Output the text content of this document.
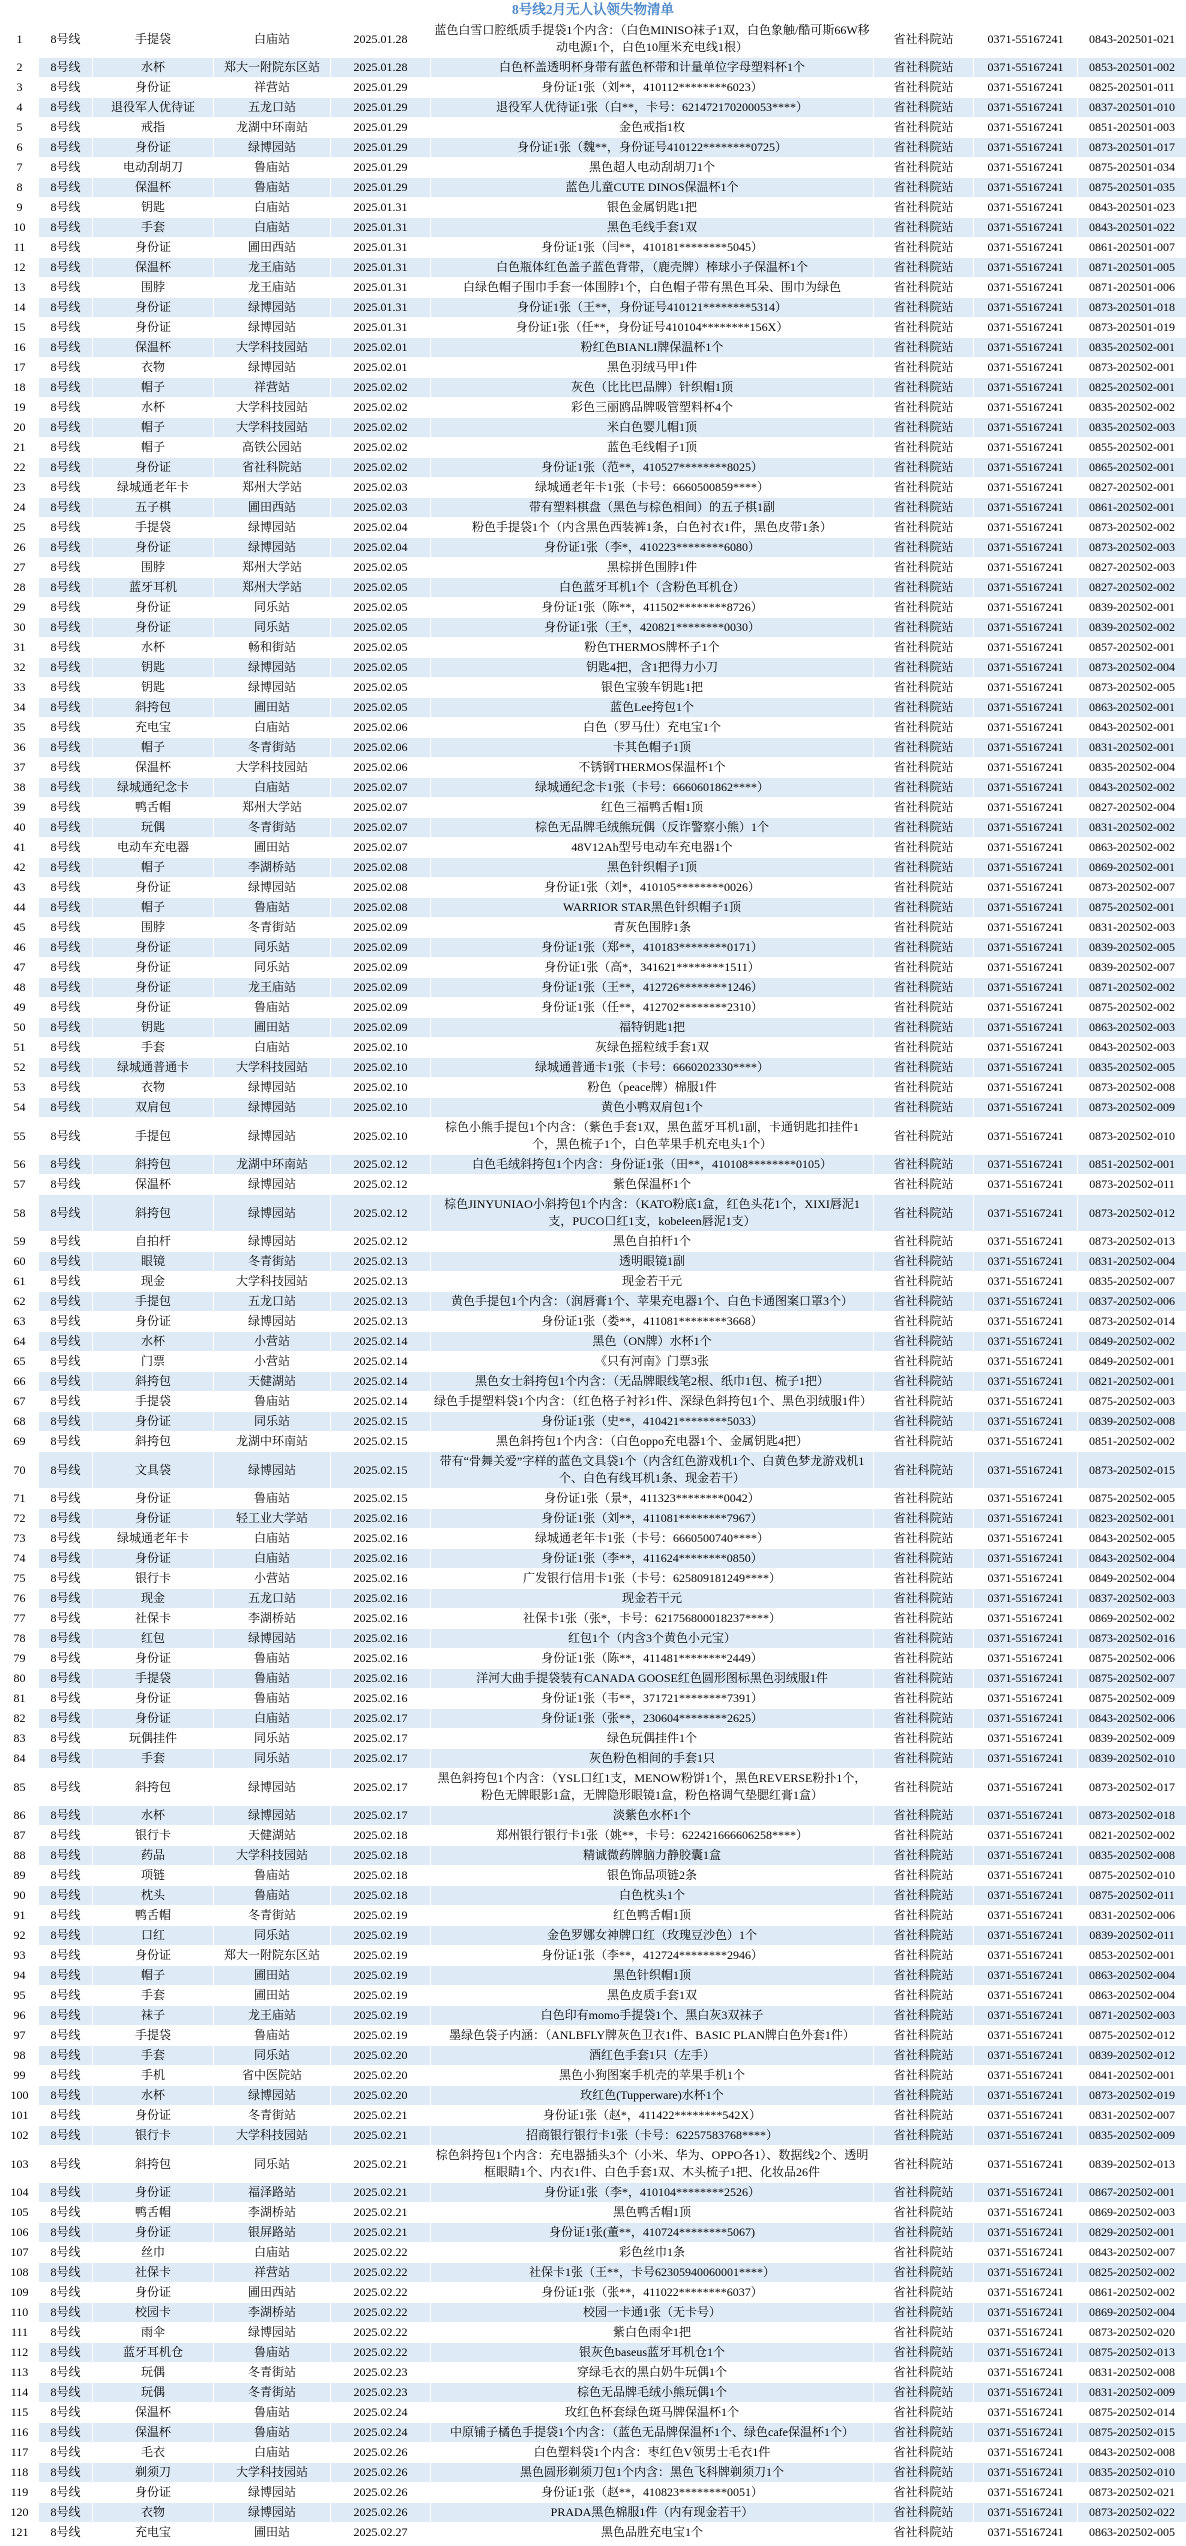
8号线2月无人认领失物清单
1	8号线	手提袋	白庙站	2025.01.28	蓝色白雪口腔纸质手提袋1个内含：（白色MINISO袜子1双，白色象触/酷可斯66W移动电源1个，白色10厘米充电线1根）	省社科院站	0371-55167241	0843-202501-021
2	8号线	水杯	郑大一附院东区站	2025.01.28	白色杯盖透明杯身带有蓝色杯带和计量单位字母塑料杯1个	省社科院站	0371-55167241	0853-202501-002
3	8号线	身份证	祥营站	2025.01.29	身份证1张（刘**，410112********6023）	省社科院站	0371-55167241	0825-202501-011
4	8号线	退役军人优待证	五龙口站	2025.01.29	退役军人优待证1张（白**，卡号：621472170200053****）	省社科院站	0371-55167241	0837-202501-010
5	8号线	戒指	龙湖中环南站	2025.01.29	金色戒指1枚	省社科院站	0371-55167241	0851-202501-003
6	8号线	身份证	绿博园站	2025.01.29	身份证1张（魏**，身份证号410122********0725）	省社科院站	0371-55167241	0873-202501-017
7	8号线	电动刮胡刀	鲁庙站	2025.01.29	黑色超人电动刮胡刀1个	省社科院站	0371-55167241	0875-202501-034
8	8号线	保温杯	鲁庙站	2025.01.29	蓝色儿童CUTE DINOS保温杯1个	省社科院站	0371-55167241	0875-202501-035
9	8号线	钥匙	白庙站	2025.01.31	银色金属钥匙1把	省社科院站	0371-55167241	0843-202501-023
10	8号线	手套	白庙站	2025.01.31	黑色毛线手套1双	省社科院站	0371-55167241	0843-202501-022
11	8号线	身份证	圃田西站	2025.01.31	身份证1张（闫**，410181********5045）	省社科院站	0371-55167241	0861-202501-007
12	8号线	保温杯	龙王庙站	2025.01.31	白色瓶体红色盖子蓝色背带，（鹿壳牌）棒球小子保温杯1个	省社科院站	0371-55167241	0871-202501-005
13	8号线	围脖	龙王庙站	2025.01.31	白绿色帽子围巾手套一体围脖1个，白色帽子带有黑色耳朵、围巾为绿色	省社科院站	0371-55167241	0871-202501-006
14	8号线	身份证	绿博园站	2025.01.31	身份证1张（王**，身份证号410121********5314）	省社科院站	0371-55167241	0873-202501-018
15	8号线	身份证	绿博园站	2025.01.31	身份证1张（任**，身份证号410104********156X）	省社科院站	0371-55167241	0873-202501-019
16	8号线	保温杯	大学科技园站	2025.02.01	粉红色BIANLI牌保温杯1个	省社科院站	0371-55167241	0835-202502-001
17	8号线	衣物	绿博园站	2025.02.01	黑色羽绒马甲1件	省社科院站	0371-55167241	0873-202502-001
18	8号线	帽子	祥营站	2025.02.02	灰色（比比巴品牌）针织帽1顶	省社科院站	0371-55167241	0825-202502-001
19	8号线	水杯	大学科技园站	2025.02.02	彩色三丽鸥品牌吸管塑料杯4个	省社科院站	0371-55167241	0835-202502-002
20	8号线	帽子	大学科技园站	2025.02.02	米白色婴儿帽1顶	省社科院站	0371-55167241	0835-202502-003
21	8号线	帽子	高铁公园站	2025.02.02	蓝色毛线帽子1顶	省社科院站	0371-55167241	0855-202502-001
22	8号线	身份证	省社科院站	2025.02.02	身份证1张（范**，410527********8025）	省社科院站	0371-55167241	0865-202502-001
23	8号线	绿城通老年卡	郑州大学站	2025.02.03	绿城通老年卡1张（卡号：6660500859****）	省社科院站	0371-55167241	0827-202502-001
24	8号线	五子棋	圃田西站	2025.02.03	带有塑料棋盘（黑色与棕色相间）的五子棋1副	省社科院站	0371-55167241	0861-202502-001
25	8号线	手提袋	绿博园站	2025.02.04	粉色手提袋1个（内含黑色西装裤1条，白色衬衣1件，黑色皮带1条）	省社科院站	0371-55167241	0873-202502-002
26	8号线	身份证	绿博园站	2025.02.04	身份证1张（李*，410223********6080）	省社科院站	0371-55167241	0873-202502-003
27	8号线	围脖	郑州大学站	2025.02.05	黑棕拼色围脖1件	省社科院站	0371-55167241	0827-202502-003
28	8号线	蓝牙耳机	郑州大学站	2025.02.05	白色蓝牙耳机1个（含粉色耳机仓）	省社科院站	0371-55167241	0827-202502-002
29	8号线	身份证	同乐站	2025.02.05	身份证1张（陈**，411502********8726）	省社科院站	0371-55167241	0839-202502-001
30	8号线	身份证	同乐站	2025.02.05	身份证1张（王*，420821********0030）	省社科院站	0371-55167241	0839-202502-002
31	8号线	水杯	畅和街站	2025.02.05	粉色THERMOS牌杯子1个	省社科院站	0371-55167241	0857-202502-001
32	8号线	钥匙	绿博园站	2025.02.05	钥匙4把，含1把得力小刀	省社科院站	0371-55167241	0873-202502-004
33	8号线	钥匙	绿博园站	2025.02.05	银色宝骏车钥匙1把	省社科院站	0371-55167241	0873-202502-005
34	8号线	斜挎包	圃田站	2025.02.05	蓝色Lee挎包1个	省社科院站	0371-55167241	0863-202502-001
35	8号线	充电宝	白庙站	2025.02.06	白色（罗马仕）充电宝1个	省社科院站	0371-55167241	0843-202502-001
36	8号线	帽子	冬青街站	2025.02.06	卡其色帽子1顶	省社科院站	0371-55167241	0831-202502-001
37	8号线	保温杯	大学科技园站	2025.02.06	不锈钢THERMOS保温杯1个	省社科院站	0371-55167241	0835-202502-004
38	8号线	绿城通纪念卡	白庙站	2025.02.07	绿城通纪念卡1张（卡号：6660601862****）	省社科院站	0371-55167241	0843-202502-002
39	8号线	鸭舌帽	郑州大学站	2025.02.07	红色三福鸭舌帽1顶	省社科院站	0371-55167241	0827-202502-004
40	8号线	玩偶	冬青街站	2025.02.07	棕色无品牌毛绒熊玩偶（反诈警察小熊）1个	省社科院站	0371-55167241	0831-202502-002
41	8号线	电动车充电器	圃田站	2025.02.07	48V12Ah型号电动车充电器1个	省社科院站	0371-55167241	0863-202502-002
42	8号线	帽子	李湖桥站	2025.02.08	黑色针织帽子1顶	省社科院站	0371-55167241	0869-202502-001
43	8号线	身份证	绿博园站	2025.02.08	身份证1张（刘*，410105********0026）	省社科院站	0371-55167241	0873-202502-007
44	8号线	帽子	鲁庙站	2025.02.08	WARRIOR STAR黑色针织帽子1顶	省社科院站	0371-55167241	0875-202502-001
45	8号线	围脖	冬青街站	2025.02.09	青灰色围脖1条	省社科院站	0371-55167241	0831-202502-003
46	8号线	身份证	同乐站	2025.02.09	身份证1张（郑**，410183********0171）	省社科院站	0371-55167241	0839-202502-005
47	8号线	身份证	同乐站	2025.02.09	身份证1张（高*，341621********1511）	省社科院站	0371-55167241	0839-202502-007
48	8号线	身份证	龙王庙站	2025.02.09	身份证1张（王**，412726********1246）	省社科院站	0371-55167241	0871-202502-002
49	8号线	身份证	鲁庙站	2025.02.09	身份证1张（任**，412702********2310）	省社科院站	0371-55167241	0875-202502-002
50	8号线	钥匙	圃田站	2025.02.09	福特钥匙1把	省社科院站	0371-55167241	0863-202502-003
51	8号线	手套	白庙站	2025.02.10	灰绿色摇粒绒手套1双	省社科院站	0371-55167241	0843-202502-003
52	8号线	绿城通普通卡	大学科技园站	2025.02.10	绿城通普通卡1张（卡号：6660202330****）	省社科院站	0371-55167241	0835-202502-005
53	8号线	衣物	绿博园站	2025.02.10	粉色（peace牌）棉服1件	省社科院站	0371-55167241	0873-202502-008
54	8号线	双肩包	绿博园站	2025.02.10	黄色小鸭双肩包1个	省社科院站	0371-55167241	0873-202502-009
55	8号线	手提包	绿博园站	2025.02.10	棕色小熊手提包1个内含：（紫色手套1双，黑色蓝牙耳机1副，卡通钥匙扣挂件1个，黑色梳子1个，白色苹果手机充电头1个）	省社科院站	0371-55167241	0873-202502-010
56	8号线	斜挎包	龙湖中环南站	2025.02.12	白色毛绒斜挎包1个内含：身份证1张（田**，410108********0105）	省社科院站	0371-55167241	0851-202502-001
57	8号线	保温杯	绿博园站	2025.02.12	紫色保温杯1个	省社科院站	0371-55167241	0873-202502-011
58	8号线	斜挎包	绿博园站	2025.02.12	棕色JINYUNIAO小斜挎包1个内含：（KATO粉底1盒，红色头花1个，XIXI唇泥1支，PUCO口红1支，kobeleen唇泥1支）	省社科院站	0371-55167241	0873-202502-012
59	8号线	自拍杆	绿博园站	2025.02.12	黑色自拍杆1个	省社科院站	0371-55167241	0873-202502-013
60	8号线	眼镜	冬青街站	2025.02.13	透明眼镜1副	省社科院站	0371-55167241	0831-202502-004
61	8号线	现金	大学科技园站	2025.02.13	现金若干元	省社科院站	0371-55167241	0835-202502-007
62	8号线	手提包	五龙口站	2025.02.13	黄色手提包1个内含：（润唇膏1个、苹果充电器1个、白色卡通图案口罩3个）	省社科院站	0371-55167241	0837-202502-006
63	8号线	身份证	绿博园站	2025.02.13	身份证1张（娄**，411081********3668）	省社科院站	0371-55167241	0873-202502-014
64	8号线	水杯	小营站	2025.02.14	黑色（ON牌）水杯1个	省社科院站	0371-55167241	0849-202502-002
65	8号线	门票	小营站	2025.02.14	《只有河南》门票3张	省社科院站	0371-55167241	0849-202502-001
66	8号线	斜挎包	天健湖站	2025.02.14	黑色女士斜挎包1个内含：（无品牌眼线笔2根、纸巾1包、梳子1把）	省社科院站	0371-55167241	0821-202502-001
67	8号线	手提袋	鲁庙站	2025.02.14	绿色手提塑料袋1个内含：（红色格子衬衫1件、深绿色斜挎包1个、黑色羽绒服1件）	省社科院站	0371-55167241	0875-202502-003
68	8号线	身份证	同乐站	2025.02.15	身份证1张（史**，410421********5033）	省社科院站	0371-55167241	0839-202502-008
69	8号线	斜挎包	龙湖中环南站	2025.02.15	黑色斜挎包1个内含：（白色oppo充电器1个、金属钥匙4把）	省社科院站	0371-55167241	0851-202502-002
70	8号线	文具袋	绿博园站	2025.02.15	带有“骨舞关爱”字样的蓝色文具袋1个（内含红色游戏机1个、白黄色梦龙游戏机1个、白色有线耳机1条、现金若干）	省社科院站	0371-55167241	0873-202502-015
71	8号线	身份证	鲁庙站	2025.02.15	身份证1张（景*，411323********0042）	省社科院站	0371-55167241	0875-202502-005
72	8号线	身份证	轻工业大学站	2025.02.16	身份证1张（刘**，411081********7967）	省社科院站	0371-55167241	0823-202502-001
73	8号线	绿城通老年卡	白庙站	2025.02.16	绿城通老年卡1张（卡号：6660500740****）	省社科院站	0371-55167241	0843-202502-005
74	8号线	身份证	白庙站	2025.02.16	身份证1张（李**，411624********0850）	省社科院站	0371-55167241	0843-202502-004
75	8号线	银行卡	小营站	2025.02.16	广发银行信用卡1张（卡号：625809181249****）	省社科院站	0371-55167241	0849-202502-004
76	8号线	现金	五龙口站	2025.02.16	现金若干元	省社科院站	0371-55167241	0837-202502-003
77	8号线	社保卡	李湖桥站	2025.02.16	社保卡1张（张*，卡号：621756800018237****）	省社科院站	0371-55167241	0869-202502-002
78	8号线	红包	绿博园站	2025.02.16	红包1个（内含3个黄色小元宝）	省社科院站	0371-55167241	0873-202502-016
79	8号线	身份证	鲁庙站	2025.02.16	身份证1张（陈**，411481********2449）	省社科院站	0371-55167241	0875-202502-006
80	8号线	手提袋	鲁庙站	2025.02.16	洋河大曲手提袋装有CANADA GOOSE红色圆形图标黑色羽绒服1件	省社科院站	0371-55167241	0875-202502-007
81	8号线	身份证	鲁庙站	2025.02.16	身份证1张（韦**，371721********7391）	省社科院站	0371-55167241	0875-202502-009
82	8号线	身份证	白庙站	2025.02.17	身份证1张（张**，230604********2625）	省社科院站	0371-55167241	0843-202502-006
83	8号线	玩偶挂件	同乐站	2025.02.17	绿色玩偶挂件1个	省社科院站	0371-55167241	0839-202502-009
84	8号线	手套	同乐站	2025.02.17	灰色粉色相间的手套1只	省社科院站	0371-55167241	0839-202502-010
85	8号线	斜挎包	绿博园站	2025.02.17	黑色斜挎包1个内含：（YSL口红1支，MENOW粉饼1个，黑色REVERSE粉扑1个，粉色无牌眼影1盒，无牌隐形眼镜1盒，粉色格调气垫腮红膏1盒）	省社科院站	0371-55167241	0873-202502-017
86	8号线	水杯	绿博园站	2025.02.17	淡紫色水杯1个	省社科院站	0371-55167241	0873-202502-018
87	8号线	银行卡	天健湖站	2025.02.18	郑州银行银行卡1张（姚**，卡号：622421666606258****）	省社科院站	0371-55167241	0821-202502-002
88	8号线	药品	大学科技园站	2025.02.18	精诚微药牌脑力静胶囊1盒	省社科院站	0371-55167241	0835-202502-008
89	8号线	项链	鲁庙站	2025.02.18	银色饰品项链2条	省社科院站	0371-55167241	0875-202502-010
90	8号线	枕头	鲁庙站	2025.02.18	白色枕头1个	省社科院站	0371-55167241	0875-202502-011
91	8号线	鸭舌帽	冬青街站	2025.02.19	红色鸭舌帽1顶	省社科院站	0371-55167241	0831-202502-006
92	8号线	口红	同乐站	2025.02.19	金色罗娜女神牌口红（玫瑰豆沙色）1个	省社科院站	0371-55167241	0839-202502-011
93	8号线	身份证	郑大一附院东区站	2025.02.19	身份证1张（李**，412724********2946）	省社科院站	0371-55167241	0853-202502-001
94	8号线	帽子	圃田站	2025.02.19	黑色针织帽1顶	省社科院站	0371-55167241	0863-202502-004
95	8号线	手套	圃田站	2025.02.19	黑色皮质手套1双	省社科院站	0371-55167241	0863-202502-004
96	8号线	袜子	龙王庙站	2025.02.19	白色印有momo手提袋1个、黑白灰3双袜子	省社科院站	0371-55167241	0871-202502-003
97	8号线	手提袋	鲁庙站	2025.02.19	墨绿色袋子内涵：（ANLBFLY牌灰色卫衣1件、BASIC PLAN牌白色外套1件）	省社科院站	0371-55167241	0875-202502-012
98	8号线	手套	同乐站	2025.02.20	酒红色手套1只（左手）	省社科院站	0371-55167241	0839-202502-012
99	8号线	手机	省中医院站	2025.02.20	黑色小狗图案手机壳的苹果手机1个	省社科院站	0371-55167241	0841-202502-001
100	8号线	水杯	绿博园站	2025.02.20	玫红色(Tupperware)水杯1个	省社科院站	0371-55167241	0873-202502-019
101	8号线	身份证	冬青街站	2025.02.21	身份证1张（赵*，411422********542X）	省社科院站	0371-55167241	0831-202502-007
102	8号线	银行卡	大学科技园站	2025.02.21	招商银行银行卡1张（卡号：62257583768****）	省社科院站	0371-55167241	0835-202502-009
103	8号线	斜挎包	同乐站	2025.02.21	棕色斜挎包1个内含：充电器插头3个（小米、华为、OPPO各1）、数据线2个、透明框眼睛1个、内衣1件、白色手套1双、木头梳子1把、化妆品26件	省社科院站	0371-55167241	0839-202502-013
104	8号线	身份证	福泽路站	2025.02.21	身份证1张（李*，410104********2526）	省社科院站	0371-55167241	0867-202502-001
105	8号线	鸭舌帽	李湖桥站	2025.02.21	黑色鸭舌帽1顶	省社科院站	0371-55167241	0869-202502-003
106	8号线	身份证	银屏路站	2025.02.21	身份证1张(董**，410724********5067)	省社科院站	0371-55167241	0829-202502-001
107	8号线	丝巾	白庙站	2025.02.22	彩色丝巾1条	省社科院站	0371-55167241	0843-202502-007
108	8号线	社保卡	祥营站	2025.02.22	社保卡1张（王**，卡号62305940060001****）	省社科院站	0371-55167241	0825-202502-002
109	8号线	身份证	圃田西站	2025.02.22	身份证1张（张**，411022********6037）	省社科院站	0371-55167241	0861-202502-002
110	8号线	校园卡	李湖桥站	2025.02.22	校园一卡通1张（无卡号）	省社科院站	0371-55167241	0869-202502-004
111	8号线	雨伞	绿博园站	2025.02.22	紫白色雨伞1把	省社科院站	0371-55167241	0873-202502-020
112	8号线	蓝牙耳机仓	鲁庙站	2025.02.22	银灰色baseus蓝牙耳机仓1个	省社科院站	0371-55167241	0875-202502-013
113	8号线	玩偶	冬青街站	2025.02.23	穿绿毛衣的黑白奶牛玩偶1个	省社科院站	0371-55167241	0831-202502-008
114	8号线	玩偶	冬青街站	2025.02.23	棕色无品牌毛绒小熊玩偶1个	省社科院站	0371-55167241	0831-202502-009
115	8号线	保温杯	鲁庙站	2025.02.24	玫红色杯套绿色斑马牌保温杯1个	省社科院站	0371-55167241	0875-202502-014
116	8号线	保温杯	鲁庙站	2025.02.24	中原铺子橘色手提袋1个内含：（蓝色无品牌保温杯1个、绿色cafe保温杯1个）	省社科院站	0371-55167241	0875-202502-015
117	8号线	毛衣	白庙站	2025.02.26	白色塑料袋1个内含：枣红色V领男士毛衣1件	省社科院站	0371-55167241	0843-202502-008
118	8号线	剃须刀	大学科技园站	2025.02.26	黑色圆形剃须刀包1个内含：黑色飞科牌剃须刀1个	省社科院站	0371-55167241	0835-202502-010
119	8号线	身份证	绿博园站	2025.02.26	身份证1张（赵**，410823********0051）	省社科院站	0371-55167241	0873-202502-021
120	8号线	衣物	绿博园站	2025.02.26	PRADA黑色棉服1件（内有现金若干）	省社科院站	0371-55167241	0873-202502-022
121	8号线	充电宝	圃田站	2025.02.27	黑色品胜充电宝1个	省社科院站	0371-55167241	0863-202502-005
